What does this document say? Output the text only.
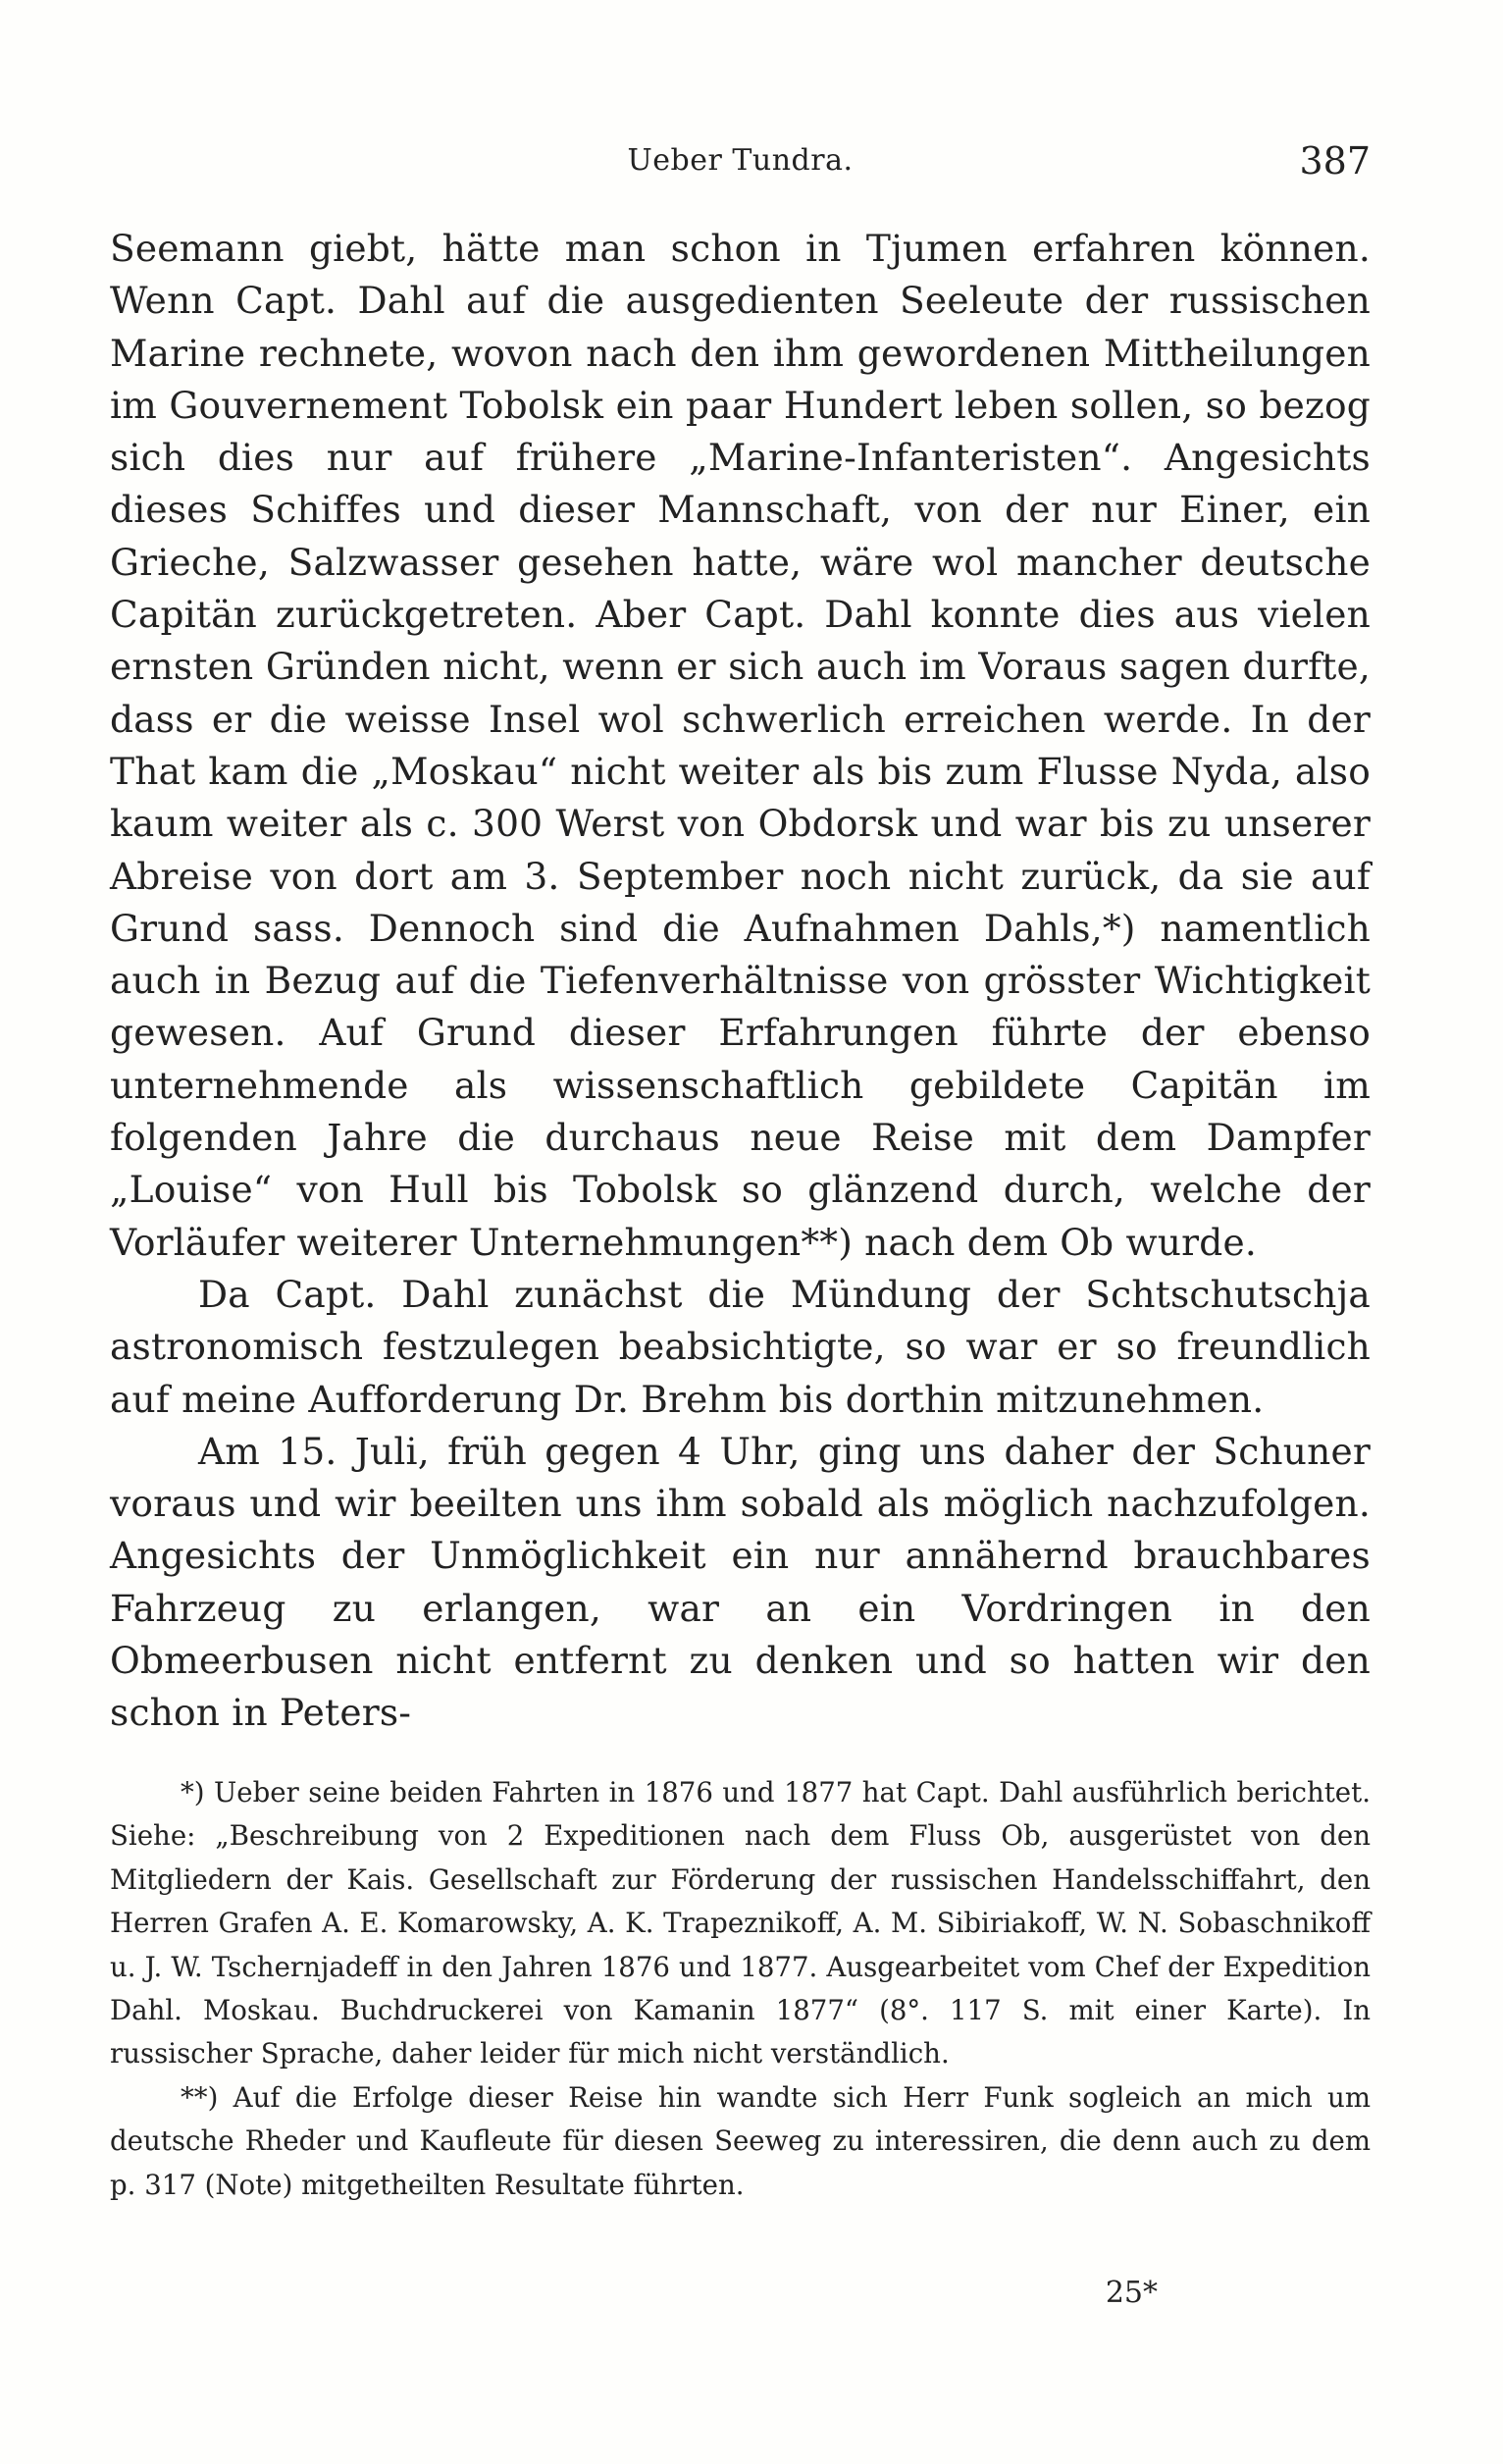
Ueber Tundra.	387

Seemann giebt, hätte man schon in Tjumen erfahren können. Wenn Capt. Dahl auf die ausgedienten Seeleute der russischen Marine rechnete, wovon nach den ihm gewordenen Mittheilungen im Gouvernement Tobolsk ein paar Hundert leben sollen, so bezog sich dies nur auf frühere „Marine-Infanteristen“. Angesichts dieses Schiffes und dieser Mannschaft, von der nur Einer, ein Grieche, Salzwasser gesehen hatte, wäre wol mancher deutsche Capitän zurückgetreten. Aber Capt. Dahl konnte dies aus vielen ernsten Gründen nicht, wenn er sich auch im Voraus sagen durfte, dass er die weisse Insel wol schwerlich erreichen werde. In der That kam die „Moskau“ nicht weiter als bis zum Flusse Nyda, also kaum weiter als c. 300 Werst von Obdorsk und war bis zu unserer Abreise von dort am 3. September noch nicht zurück, da sie auf Grund sass. Dennoch sind die Aufnahmen Dahls,*) namentlich auch in Bezug auf die Tiefenverhältnisse von grösster Wichtigkeit gewesen. Auf Grund dieser Erfahrungen führte der ebenso unternehmende als wissenschaftlich gebildete Capitän im folgenden Jahre die durchaus neue Reise mit dem Dampfer „Louise“ von Hull bis Tobolsk so glänzend durch, welche der Vorläufer weiterer Unternehmungen**) nach dem Ob wurde.

Da Capt. Dahl zunächst die Mündung der Schtschutschja astronomisch festzulegen beabsichtigte, so war er so freundlich auf meine Aufforderung Dr. Brehm bis dorthin mitzunehmen.

Am 15. Juli, früh gegen 4 Uhr, ging uns daher der Schuner voraus und wir beeilten uns ihm sobald als möglich nachzufolgen. Angesichts der Unmöglichkeit ein nur annähernd brauchbares Fahrzeug zu erlangen, war an ein Vordringen in den Obmeerbusen nicht entfernt zu denken und so hatten wir den schon in Peters-

*) Ueber seine beiden Fahrten in 1876 und 1877 hat Capt. Dahl ausführlich berichtet. Siehe: „Beschreibung von 2 Expeditionen nach dem Fluss Ob, ausgerüstet von den Mitgliedern der Kais. Gesellschaft zur Förderung der russischen Handelsschiffahrt, den Herren Grafen A. E. Komarowsky, A. K. Trapeznikoff, A. M. Sibiriakoff, W. N. Sobaschnikoff u. J. W. Tschernjadeff in den Jahren 1876 und 1877. Ausgearbeitet vom Chef der Expedition Dahl. Moskau. Buchdruckerei von Kamanin 1877“ (8°. 117 S. mit einer Karte). In russischer Sprache, daher leider für mich nicht verständlich.

**) Auf die Erfolge dieser Reise hin wandte sich Herr Funk sogleich an mich um deutsche Rheder und Kaufleute für diesen Seeweg zu interessiren, die denn auch zu dem p. 317 (Note) mitgetheilten Resultate führten.

25*
